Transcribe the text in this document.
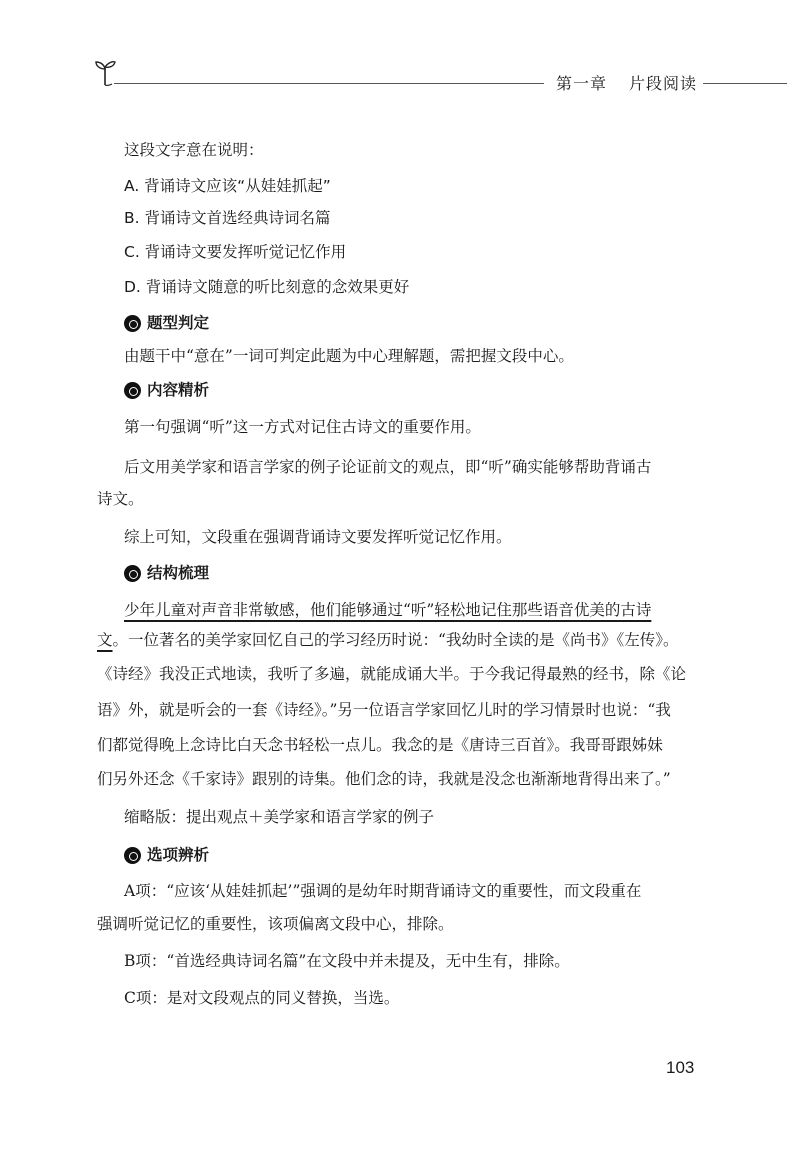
第一章 片段阅读
这段文字意在说明：
A. 背诵诗文应该“从娃娃抓起”
B. 背诵诗文首选经典诗词名篇
C. 背诵诗文要发挥听觉记忆作用
D. 背诵诗文随意的听比刻意的念效果更好
题型判定
由题干中“意在”一词可判定此题为中心理解题，需把握文段中心。
内容精析
第一句强调“听”这一方式对记住古诗文的重要作用。
后文用美学家和语言学家的例子论证前文的观点，即“听”确实能够帮助背诵古
诗文。
综上可知，文段重在强调背诵诗文要发挥听觉记忆作用。
结构梳理
少年儿童对声音非常敏感，他们能够通过“听”轻松地记住那些语音优美的古诗
文。一位著名的美学家回忆自己的学习经历时说：“我幼时全读的是《尚书》《左传》。
《诗经》我没正式地读，我听了多遍，就能成诵大半。于今我记得最熟的经书，除《论
语》外，就是听会的一套《诗经》。”另一位语言学家回忆儿时的学习情景时也说：“我
们都觉得晚上念诗比白天念书轻松一点儿。我念的是《唐诗三百首》。我哥哥跟姊妹
们另外还念《千家诗》跟别的诗集。他们念的诗，我就是没念也渐渐地背得出来了。”
缩略版：提出观点＋美学家和语言学家的例子
选项辨析
A项：“应该‘从娃娃抓起’”强调的是幼年时期背诵诗文的重要性，而文段重在
强调听觉记忆的重要性，该项偏离文段中心，排除。
B项：“首选经典诗词名篇”在文段中并未提及，无中生有，排除。
C项：是对文段观点的同义替换，当选。
103
